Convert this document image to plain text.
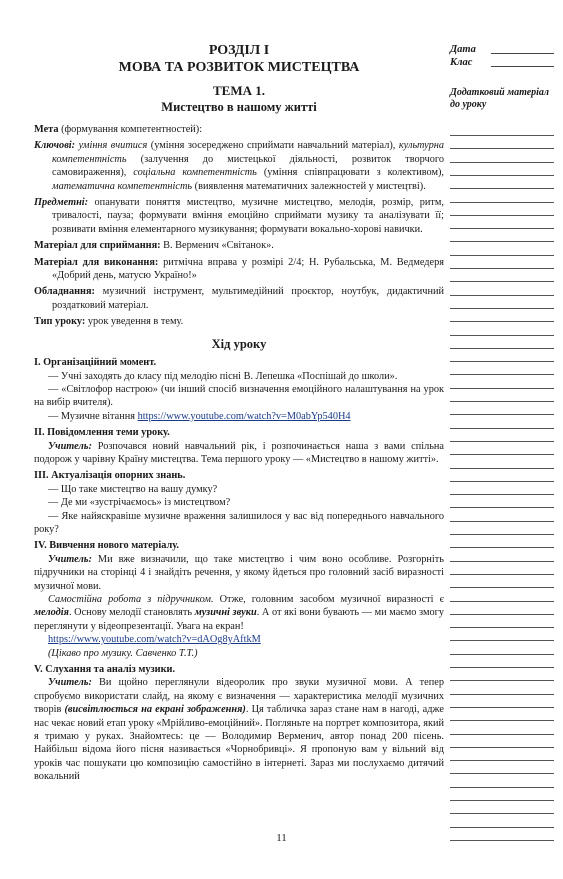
РОЗДІЛ І
МОВА ТА РОЗВИТОК МИСТЕЦТВА
ТЕМА 1.
Мистецтво в нашому житті

Мета (формування компетентностей):

Ключові: уміння вчитися (уміння зосереджено сприймати навчальний матеріал), культурна компетентність (залучення до мистецької діяльності, розвиток творчого самовираження), соціальна компетентність (уміння співпрацювати з колективом), математична компетентність (виявлення математичних залежностей у мистецтві).

Предметні: опанувати поняття мистецтво, музичне мистецтво, мелодія, розмір, ритм, тривалості, пауза; формувати вміння емоційно сприймати музику та аналізувати її; розвивати вміння елементарного музикування; формувати вокально-хорові навички.

Матеріал для сприймання: В. Верменич «Світанок».

Матеріал для виконання: ритмічна вправа у розмірі 2/4; Н. Рубальська, М. Ведмедеря «Добрий день, матусю Україно!»

Обладнання: музичний інструмент, мультимедійний проєктор, ноутбук, дидактичний роздатковий матеріал.

Тип уроку: урок уведення в тему.

Хід уроку

І. Організаційний момент.

— Учні заходять до класу під мелодію пісні В. Лепешка «Поспішай до школи».

— «Світлофор настрою» (чи інший спосіб визначення емоційного налаштування на урок на вибір вчителя).

— Музичне вітання https://www.youtube.com/watch?v=M0abYp540H4

ІІ. Повідомлення теми уроку.

Учитель: Розпочався новий навчальний рік, і розпочинається наша з вами спільна подорож у чарівну Країну мистецтва. Тема першого уроку — «Мистецтво в нашому житті».

ІІІ. Актуалізація опорних знань.

— Що таке мистецтво на вашу думку?

— Де ми «зустрічаємось» із мистецтвом?

— Яке найяскравіше музичне враження залишилося у вас від попереднього навчального року?

IV. Вивчення нового матеріалу.

Учитель: Ми вже визначили, що таке мистецтво і чим воно особливе. Розгорніть підручники на сторінці 4 і знайдіть речення, у якому йдеться про головний засіб виразності музичної мови.

Самостійна робота з підручником. Отже, головним засобом музичної виразності є мелодія. Основу мелодії становлять музичні звуки. А от які вони бувають — ми маємо змогу переглянути у відеопрезентації. Увага на екран!

https://www.youtube.com/watch?v=dAOg8yAftkM

(Цікаво про музику. Савченко Т.Т.)

V. Слухання та аналіз музики.

Учитель: Ви щойно переглянули відеоролик про звуки музичної мови. А тепер спробуємо використати слайд, на якому є визначення — характеристика мелодії музичних творів (висвітлюється на екрані зображення). Ця табличка зараз стане нам в нагоді, адже нас чекає новий етап уроку «Мрійливо-емоційний». Погляньте на портрет композитора, який я тримаю у руках. Знайомтесь: це — Володимир Верменич, автор понад 200 пісень. Найбільш відома його пісня називається «Чорнобривці». Я пропоную вам у вільний від уроків час пошукати цю композицію самостійно в інтернеті. Зараз ми послухаємо дитячий вокальний

Дата
Клас
Додатковий матеріал до уроку
11
